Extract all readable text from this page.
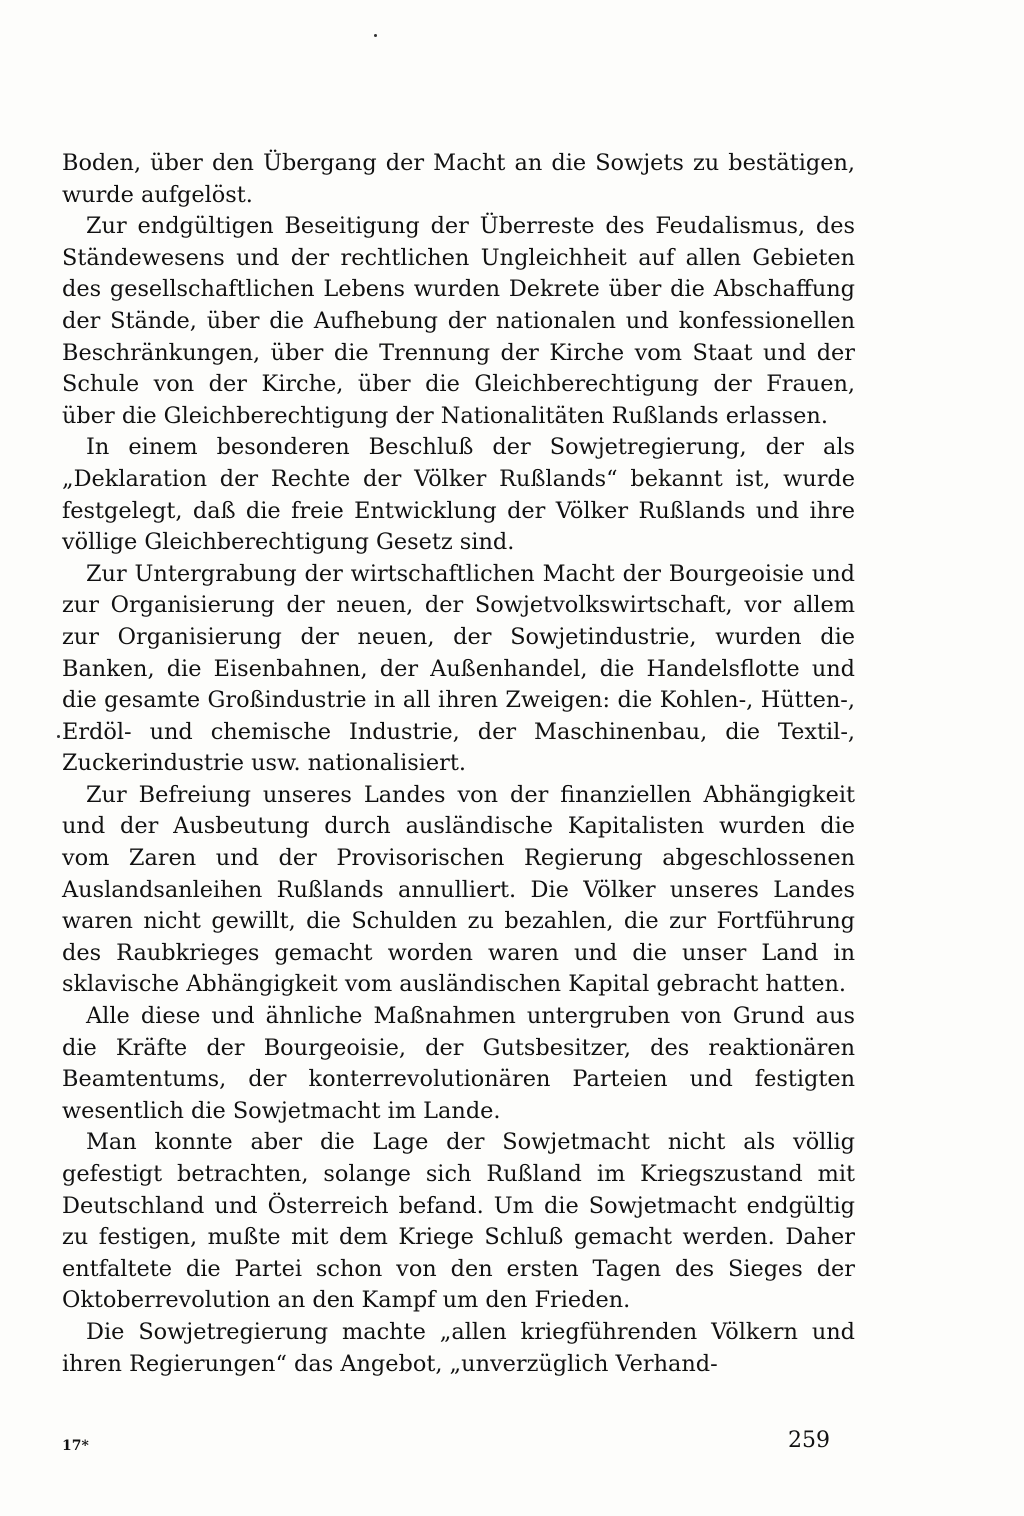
Boden, über den Übergang der Macht an die Sowjets zu bestätigen, wurde aufgelöst.

Zur endgültigen Beseitigung der Überreste des Feudalismus, des Ständewesens und der rechtlichen Ungleichheit auf allen Gebieten des gesellschaftlichen Lebens wurden Dekrete über die Abschaffung der Stände, über die Aufhebung der nationalen und konfessionellen Beschränkungen, über die Trennung der Kirche vom Staat und der Schule von der Kirche, über die Gleichberechtigung der Frauen, über die Gleichberechtigung der Nationalitäten Rußlands erlassen.

In einem besonderen Beschluß der Sowjetregierung, der als „Deklaration der Rechte der Völker Rußlands“ bekannt ist, wurde festgelegt, daß die freie Entwicklung der Völker Rußlands und ihre völlige Gleichberechtigung Gesetz sind.

Zur Untergrabung der wirtschaftlichen Macht der Bourgeoisie und zur Organisierung der neuen, der Sowjetvolkswirtschaft, vor allem zur Organisierung der neuen, der Sowjetindustrie, wurden die Banken, die Eisenbahnen, der Außenhandel, die Handelsflotte und die gesamte Großindustrie in all ihren Zweigen: die Kohlen-, Hütten-, Erdöl- und chemische Industrie, der Maschinenbau, die Textil-, Zuckerindustrie usw. nationalisiert.

Zur Befreiung unseres Landes von der finanziellen Abhängigkeit und der Ausbeutung durch ausländische Kapitalisten wurden die vom Zaren und der Provisorischen Regierung abgeschlossenen Auslandsanleihen Rußlands annulliert. Die Völker unseres Landes waren nicht gewillt, die Schulden zu bezahlen, die zur Fortführung des Raubkrieges gemacht worden waren und die unser Land in sklavische Abhängigkeit vom ausländischen Kapital gebracht hatten.

Alle diese und ähnliche Maßnahmen untergruben von Grund aus die Kräfte der Bourgeoisie, der Gutsbesitzer, des reaktionären Beamtentums, der konterrevolutionären Parteien und festigten wesentlich die Sowjetmacht im Lande.

Man konnte aber die Lage der Sowjetmacht nicht als völlig gefestigt betrachten, solange sich Rußland im Kriegszustand mit Deutschland und Österreich befand. Um die Sowjetmacht endgültig zu festigen, mußte mit dem Kriege Schluß gemacht werden. Daher entfaltete die Partei schon von den ersten Tagen des Sieges der Oktoberrevolution an den Kampf um den Frieden.

Die Sowjetregierung machte „allen kriegführenden Völkern und ihren Regierungen“ das Angebot, „unverzüglich Verhand-

17*	259
